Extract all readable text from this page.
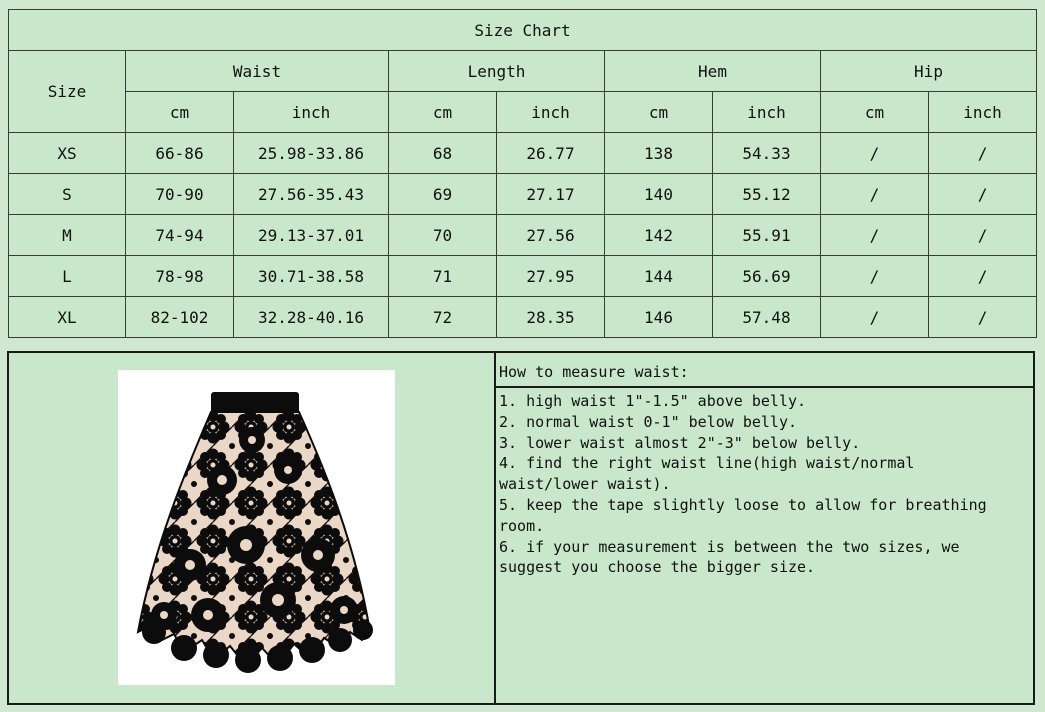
Size Chart								
Size	Waist		Length		Hem		Hip	
	cm	inch	cm	inch	cm	inch	cm	inch
XS	66-86	25.98-33.86	68	26.77	138	54.33	/	/
S	70-90	27.56-35.43	69	27.17	140	55.12	/	/
M	74-94	29.13-37.01	70	27.56	142	55.91	/	/
L	78-98	30.71-38.58	71	27.95	144	56.69	/	/
XL	82-102	32.28-40.16	72	28.35	146	57.48	/	/
How to measure waist:
1. high waist 1"-1.5" above belly.
2. normal waist 0-1" below belly.
3. lower waist almost 2"-3" below belly.
4. find the right waist line(high waist/normal waist/lower waist).
5. keep the tape slightly loose to allow for breathing room.
6. if your measurement is between the two sizes, we suggest you choose the bigger size.
